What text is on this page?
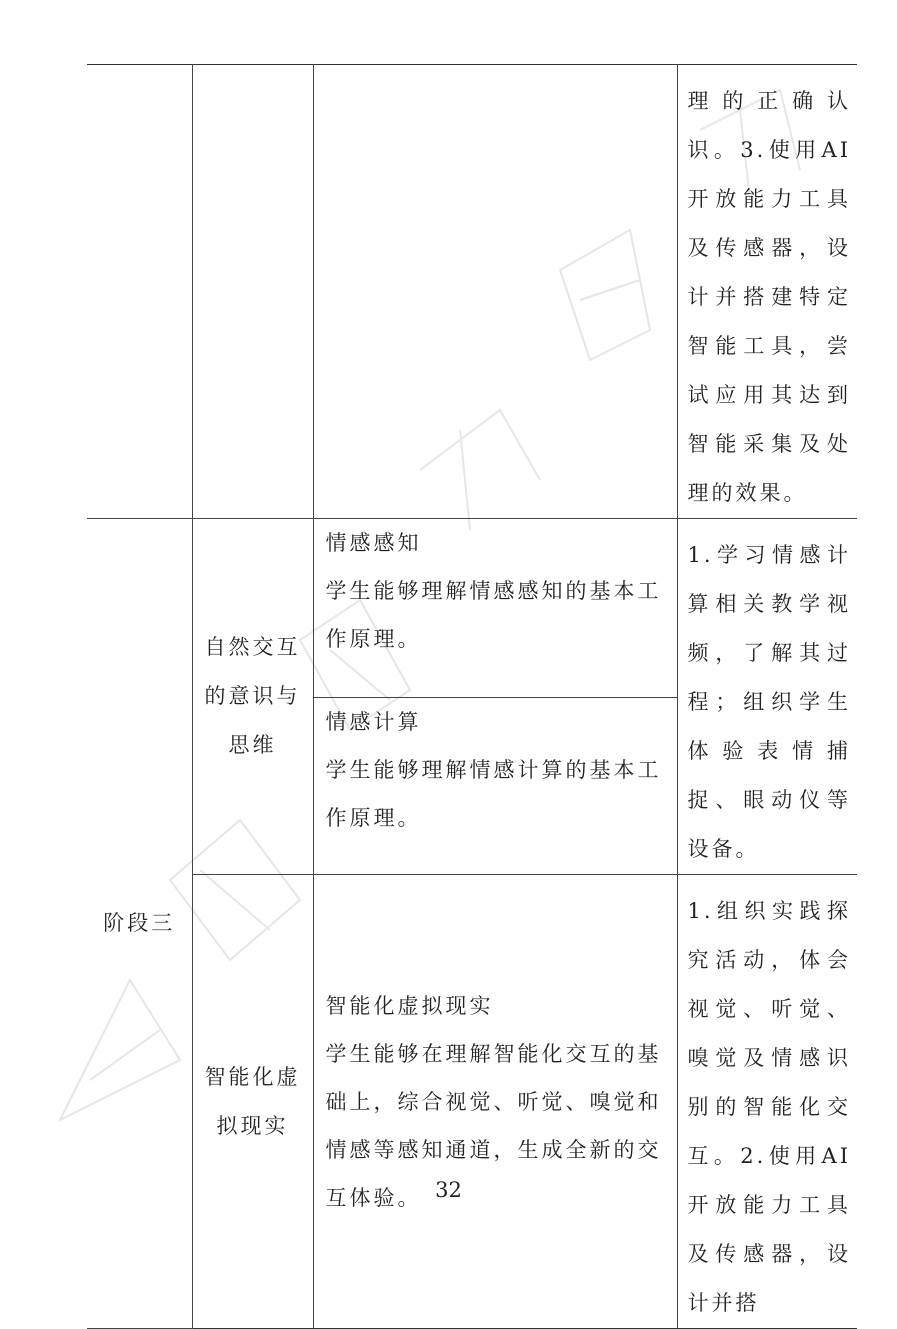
			理的正确认识。3.使用AI开放能力工具及传感器，设计并搭建特定智能工具，尝试应用其达到智能采集及处理的效果。
阶段三	自然交互的意识与思维	情感感知
学生能够理解情感感知的基本工作原理。	1.学习情感计算相关教学视频，了解其过程；组织学生体验表情捕捉、眼动仪等设备。

		情感计算
学生能够理解情感计算的基本工作原理。	

	智能化虚拟现实	智能化虚拟现实
学生能够在理解智能化交互的基础上，综合视觉、听觉、嗅觉和情感等感知通道，生成全新的交互体验。	1.组织实践探究活动，体会视觉、听觉、嗅觉及情感识别的智能化交互。2.使用AI开放能力工具及传感器，设计并搭
32
